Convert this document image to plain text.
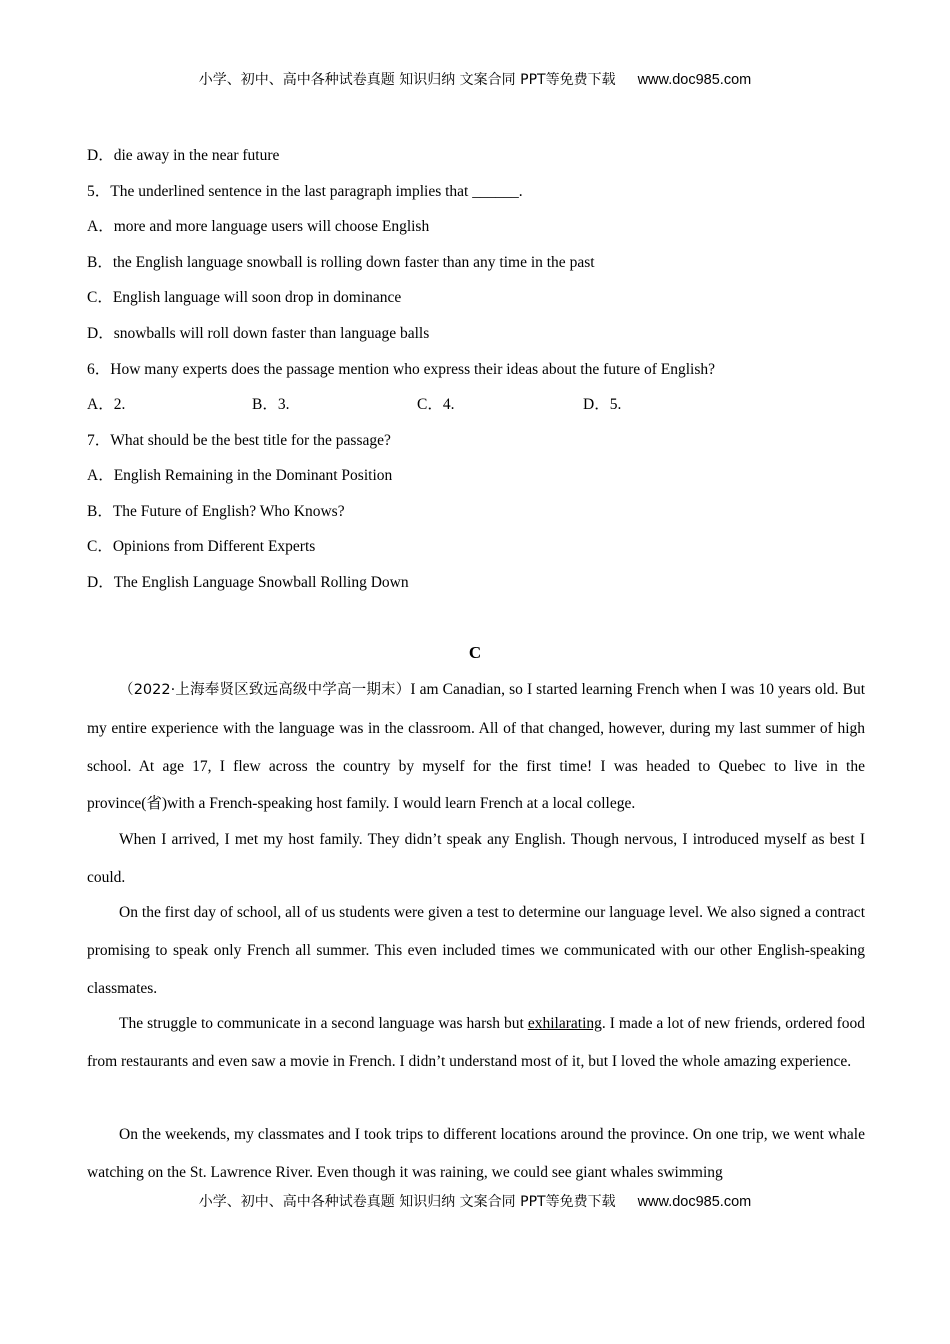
小学、初中、高中各种试卷真题 知识归纳 文案合同 PPT等免费下载 www.doc985.com
D．die away in the near future
5．The underlined sentence in the last paragraph implies that ______.
A．more and more language users will choose English
B．the English language snowball is rolling down faster than any time in the past
C．English language will soon drop in dominance
D．snowballs will roll down faster than language balls
6．How many experts does the passage mention who express their ideas about the future of English?
A．2.	B．3.	C．4.	D．5.
7．What should be the best title for the passage?
A．English Remaining in the Dominant Position
B．The Future of English? Who Knows?
C．Opinions from Different Experts
D．The English Language Snowball Rolling Down
C
（2022·上海奉贤区致远高级中学高一期末）I am Canadian, so I started learning French when I was 10 years old. But my entire experience with the language was in the classroom. All of that changed, however, during my last summer of high school. At age 17, I flew across the country by myself for the first time! I was headed to Quebec to live in the province(省)with a French-speaking host family. I would learn French at a local college.
When I arrived, I met my host family. They didn’t speak any English. Though nervous, I introduced myself as best I could.
On the first day of school, all of us students were given a test to determine our language level. We also signed a contract promising to speak only French all summer. This even included times we communicated with our other English-speaking classmates.
The struggle to communicate in a second language was harsh but exhilarating. I made a lot of new friends, ordered food from restaurants and even saw a movie in French. I didn’t understand most of it, but I loved the whole amazing experience.
On the weekends, my classmates and I took trips to different locations around the province. On one trip, we went whale watching on the St. Lawrence River. Even though it was raining, we could see giant whales swimming
小学、初中、高中各种试卷真题 知识归纳 文案合同 PPT等免费下载 www.doc985.com
